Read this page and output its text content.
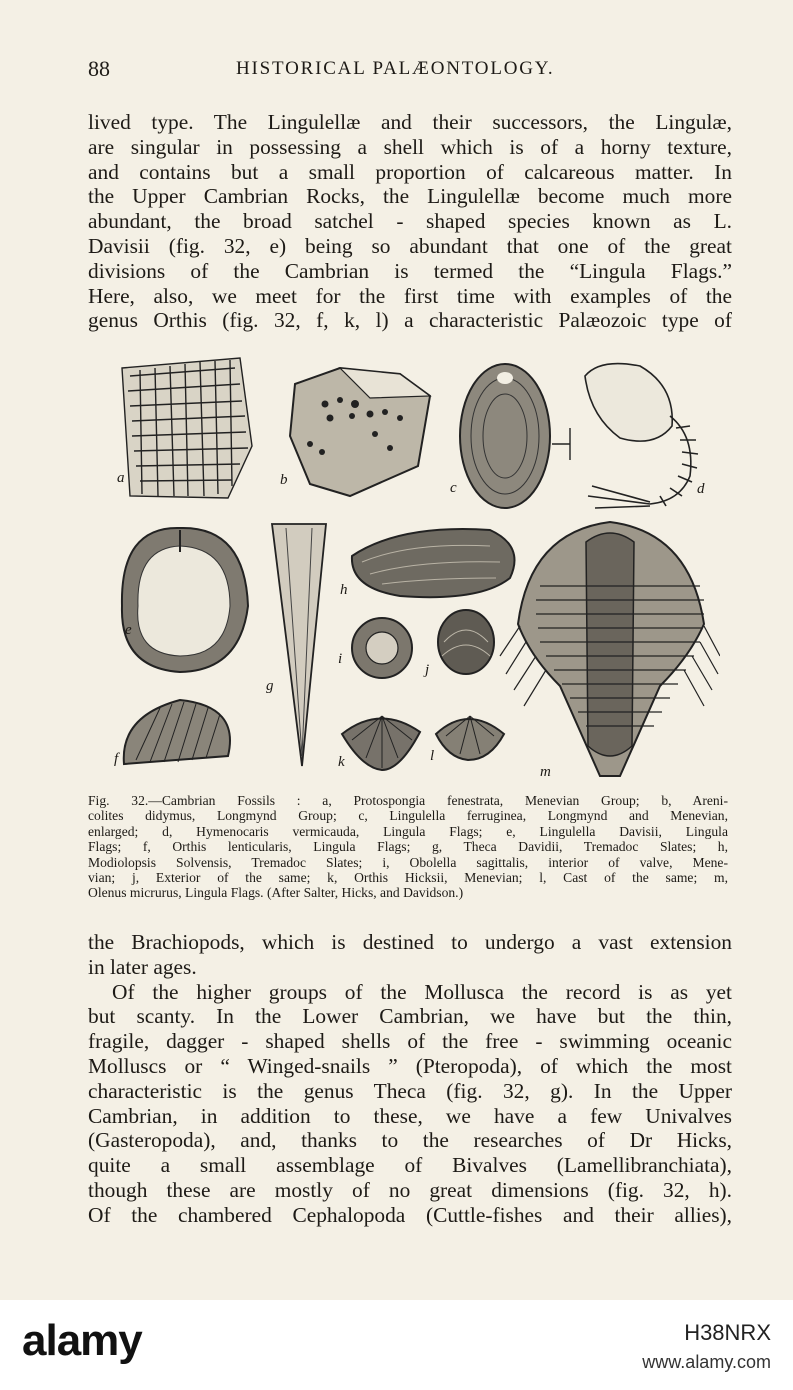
88	HISTORICAL PALÆONTOLOGY.
lived type. The Lingulellæ and their successors, the Lingulæ,
are singular in possessing a shell which is of a horny texture,
and contains but a small proportion of calcareous matter. In
the Upper Cambrian Rocks, the Lingulellæ become much more
abundant, the broad satchel - shaped species known as L.
Davisii (fig. 32, e) being so abundant that one of the great
divisions of the Cambrian is termed the “Lingula Flags.”
Here, also, we meet for the first time with examples of the
genus Orthis (fig. 32, f, k, l) a characteristic Palæozoic type of
a	b	c	d
e
f
g
h
i
j
k	l
m
Fig. 32.—Cambrian Fossils : a, Protospongia fenestrata, Menevian Group; b, Areni-
colites didymus, Longmynd Group; c, Lingulella ferruginea, Longmynd and Menevian,
enlarged; d, Hymenocaris vermicauda, Lingula Flags; e, Lingulella Davisii, Lingula
Flags; f, Orthis lenticularis, Lingula Flags; g, Theca Davidii, Tremadoc Slates; h,
Modiolopsis Solvensis, Tremadoc Slates; i, Obolella sagittalis, interior of valve, Mene-
vian; j, Exterior of the same; k, Orthis Hicksii, Menevian; l, Cast of the same; m,
Olenus micrurus, Lingula Flags. (After Salter, Hicks, and Davidson.)
the Brachiopods, which is destined to undergo a vast extension
in later ages.
Of the higher groups of the Mollusca the record is as yet
but scanty. In the Lower Cambrian, we have but the thin,
fragile, dagger - shaped shells of the free - swimming oceanic
Molluscs or “ Winged-snails ” (Pteropoda), of which the most
characteristic is the genus Theca (fig. 32, g). In the Upper
Cambrian, in addition to these, we have a few Univalves
(Gasteropoda), and, thanks to the researches of Dr Hicks,
quite a small assemblage of Bivalves (Lamellibranchiata),
though these are mostly of no great dimensions (fig. 32, h).
Of the chambered Cephalopoda (Cuttle-fishes and their allies),
alamy	H38NRX
www.alamy.com
